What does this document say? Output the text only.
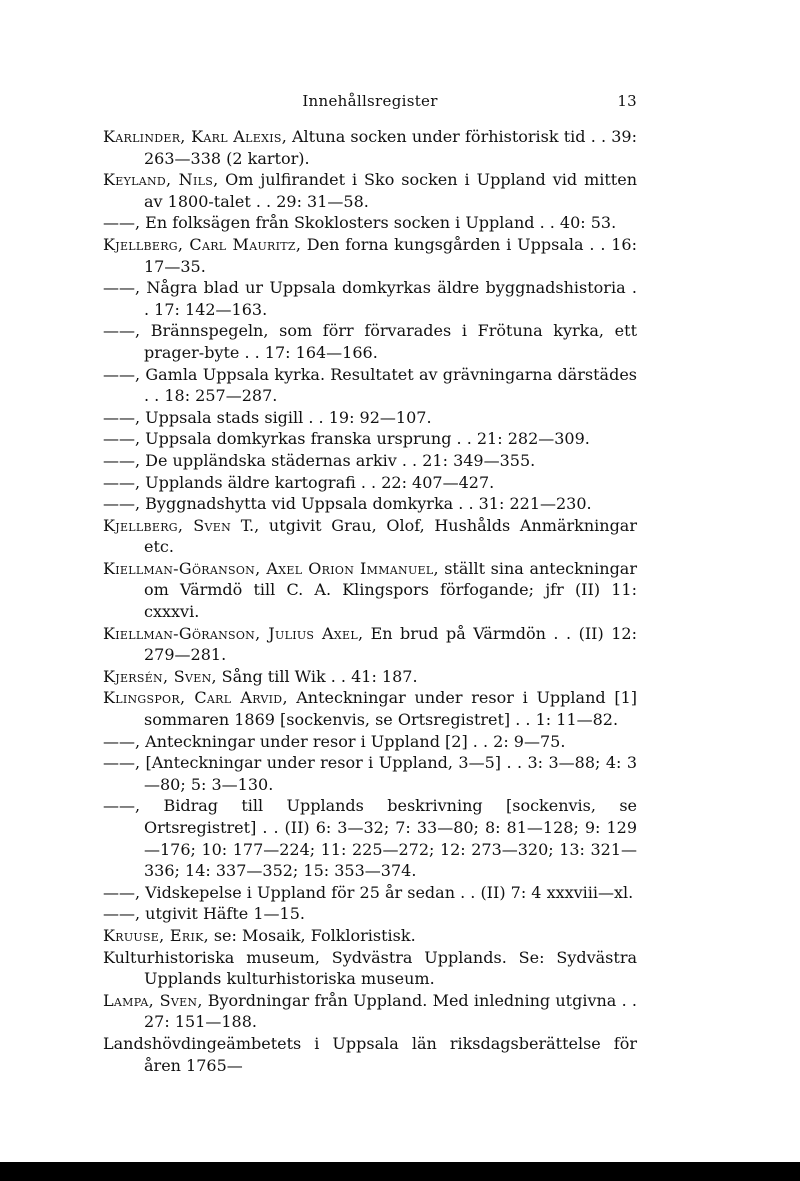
Innehållsregister	13
Karlinder, Karl Alexis, Altuna socken under förhistorisk tid . . 39: 263—338 (2 kartor).
Keyland, Nils, Om julfirandet i Sko socken i Uppland vid mitten av 1800-talet . . 29: 31—58.
——, En folksägen från Skoklosters socken i Uppland . . 40: 53.
Kjellberg, Carl Mauritz, Den forna kungsgården i Uppsala . . 16: 17—35.
——, Några blad ur Uppsala domkyrkas äldre byggnadshistoria . . 17: 142—163.
——, Brännspegeln, som förr förvarades i Frötuna kyrka, ett prager-byte . . 17: 164—166.
——, Gamla Uppsala kyrka. Resultatet av grävningarna därstädes . . 18: 257—287.
——, Uppsala stads sigill . . 19: 92—107.
——, Uppsala domkyrkas franska ursprung . . 21: 282—309.
——, De uppländska städernas arkiv . . 21: 349—355.
——, Upplands äldre kartografi . . 22: 407—427.
——, Byggnadshytta vid Uppsala domkyrka . . 31: 221—230.
Kjellberg, Sven T., utgivit Grau, Olof, Hushålds Anmärkningar etc.
Kiellman-Göranson, Axel Orion Immanuel, ställt sina anteckningar om Värmdö till C. A. Klingspors förfogande; jfr (II) 11: cxxxvi.
Kiellman-Göranson, Julius Axel, En brud på Värmdön . . (II) 12: 279—281.
Kjersén, Sven, Sång till Wik . . 41: 187.
Klingspor, Carl Arvid, Anteckningar under resor i Uppland [1] sommaren 1869 [sockenvis, se Ortsregistret] . . 1: 11—82.
——, Anteckningar under resor i Uppland [2] . . 2: 9—75.
——, [Anteckningar under resor i Uppland, 3—5] . . 3: 3—88; 4: 3—80; 5: 3—130.
——, Bidrag till Upplands beskrivning [sockenvis, se Ortsregistret] . . (II) 6: 3—32; 7: 33—80; 8: 81—128; 9: 129—176; 10: 177—224; 11: 225—272; 12: 273—320; 13: 321—336; 14: 337—352; 15: 353—374.
——, Vidskepelse i Uppland för 25 år sedan . . (II) 7: 4 xxxviii—xl.
——, utgivit Häfte 1—15.
Kruuse, Erik, se: Mosaik, Folkloristisk.
Kulturhistoriska museum, Sydvästra Upplands. Se: Sydvästra Upplands kulturhistoriska museum.
Lampa, Sven, Byordningar från Uppland. Med inledning utgivna . . 27: 151—188.
Landshövdingeämbetets i Uppsala län riksdagsberättelse för åren 1765—
